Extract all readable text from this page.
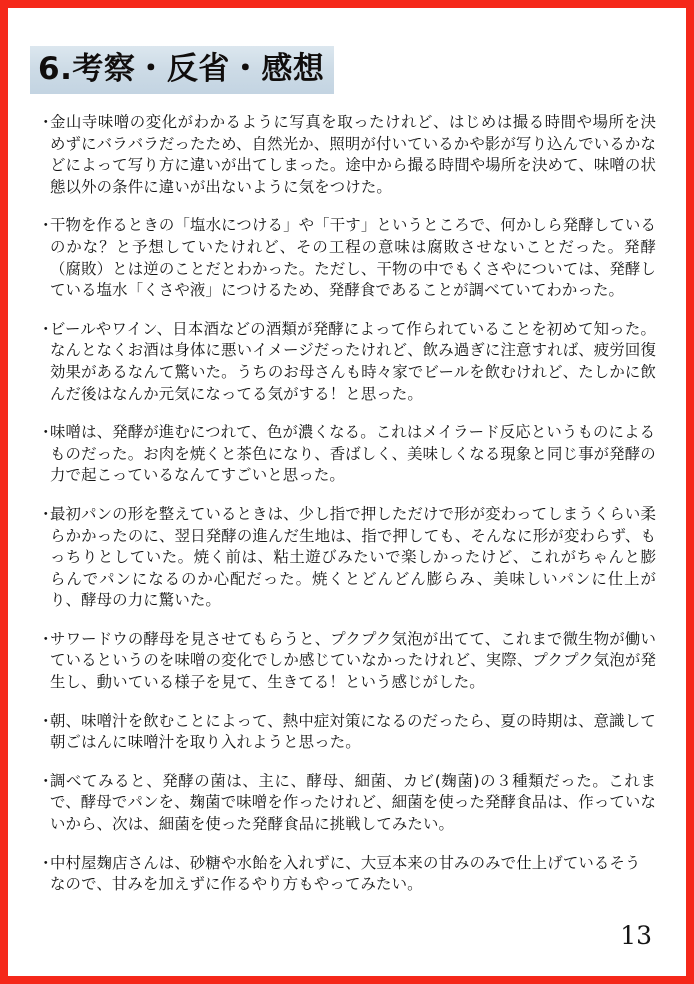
6.考察・反省・感想
・
金山寺味噌の変化がわかるように写真を取ったけれど、はじめは撮る時間や場所を決めずにバラバラだったため、自然光か、照明が付いているかや影が写り込んでいるかなどによって写り方に違いが出てしまった。途中から撮る時間や場所を決めて、味噌の状態以外の条件に違いが出ないように気をつけた。
・
干物を作るときの「塩水につける」や「干す」というところで、何かしら発酵しているのかな？と予想していたけれど、その工程の意味は腐敗させないことだった。発酵（腐敗）とは逆のことだとわかった。ただし、干物の中でもくさやについては、発酵している塩水「くさや液」につけるため、発酵食であることが調べていてわかった。
・
ビールやワイン、日本酒などの酒類が発酵によって作られていることを初めて知った。なんとなくお酒は身体に悪いイメージだったけれど、飲み過ぎに注意すれば、疲労回復効果があるなんて驚いた。うちのお母さんも時々家でビールを飲むけれど、たしかに飲んだ後はなんか元気になってる気がする！と思った。
・
味噌は、発酵が進むにつれて、色が濃くなる。これはメイラード反応というものによるものだった。お肉を焼くと茶色になり、香ばしく、美味しくなる現象と同じ事が発酵の力で起こっているなんてすごいと思った。
・
最初パンの形を整えているときは、少し指で押しただけで形が変わってしまうくらい柔らかかったのに、翌日発酵の進んだ生地は、指で押しても、そんなに形が変わらず、もっちりとしていた。焼く前は、粘土遊びみたいで楽しかったけど、これがちゃんと膨らんでパンになるのか心配だった。焼くとどんどん膨らみ、美味しいパンに仕上がり、酵母の力に驚いた。
・
サワードウの酵母を見させてもらうと、プクプク気泡が出てて、これまで微生物が働いているというのを味噌の変化でしか感じていなかったけれど、実際、プクプク気泡が発生し、動いている様子を見て、生きてる！という感じがした。
・
朝、味噌汁を飲むことによって、熱中症対策になるのだったら、夏の時期は、意識して朝ごはんに味噌汁を取り入れようと思った。
・
調べてみると、発酵の菌は、主に、酵母、細菌、カビ(麹菌)の３種類だった。これまで、酵母でパンを、麹菌で味噌を作ったけれど、細菌を使った発酵食品は、作っていないから、次は、細菌を使った発酵食品に挑戦してみたい。
・
中村屋麹店さんは、砂糖や水飴を入れずに、大豆本来の甘みのみで仕上げているそうなので、甘みを加えずに作るやり方もやってみたい。
13
